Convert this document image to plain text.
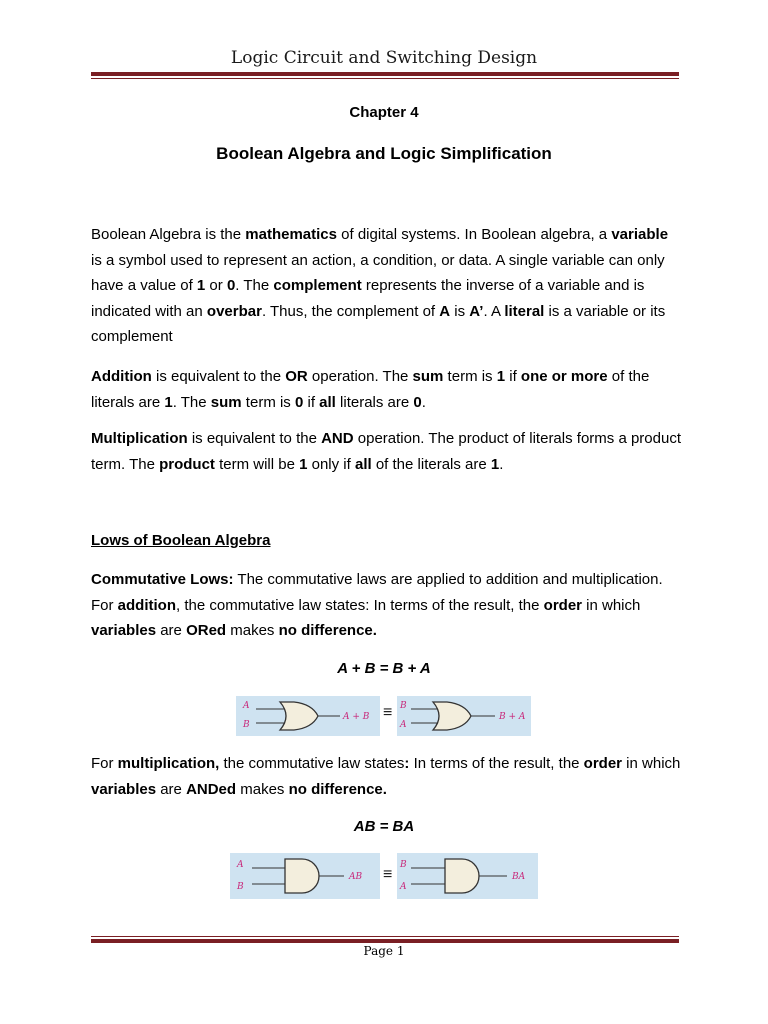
Logic Circuit and Switching Design
Chapter 4
Boolean Algebra and Logic Simplification
Boolean Algebra is the mathematics of digital systems. In Boolean algebra, a variable is a symbol used to represent an action, a condition, or data. A single variable can only have a value of 1 or 0. The complement represents the inverse of a variable and is indicated with an overbar. Thus, the complement of A is A’. A literal is a variable or its complement
Addition is equivalent to the OR operation. The sum term is 1 if one or more of the literals are 1. The sum term is 0 if all literals are 0.
Multiplication is equivalent to the AND operation. The product of literals forms a product term. The product term will be 1 only if all of the literals are 1.
Lows of Boolean Algebra
Commutative Lows: The commutative laws are applied to addition and multiplication. For addition, the commutative law states: In terms of the result, the order in which variables are ORed makes no difference.
A + B = B + A
A
B
A + B ≡ B
A
B + A
For multiplication, the commutative law states: In terms of the result, the order in which variables are ANDed makes no difference.
AB = BA
A
B
AB ≡
B
A
BA
Page 1
